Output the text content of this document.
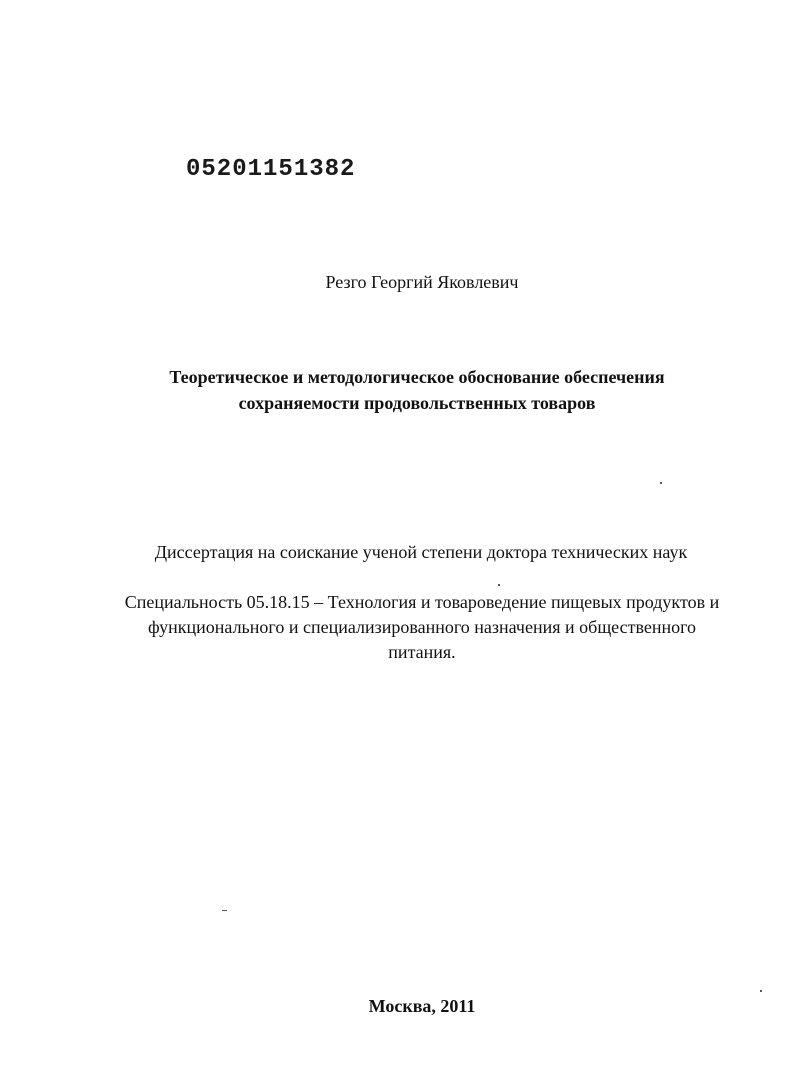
05201151382
Резго Георгий Яковлевич
Теоретическое и методологическое обоснование обеспечения
сохраняемости продовольственных товаров
Диссертация на соискание ученой степени доктора технических наук
Специальность 05.18.15 – Технология и товароведение пищевых продуктов и
функционального и специализированного назначения и общественного
питания.
Москва, 2011
